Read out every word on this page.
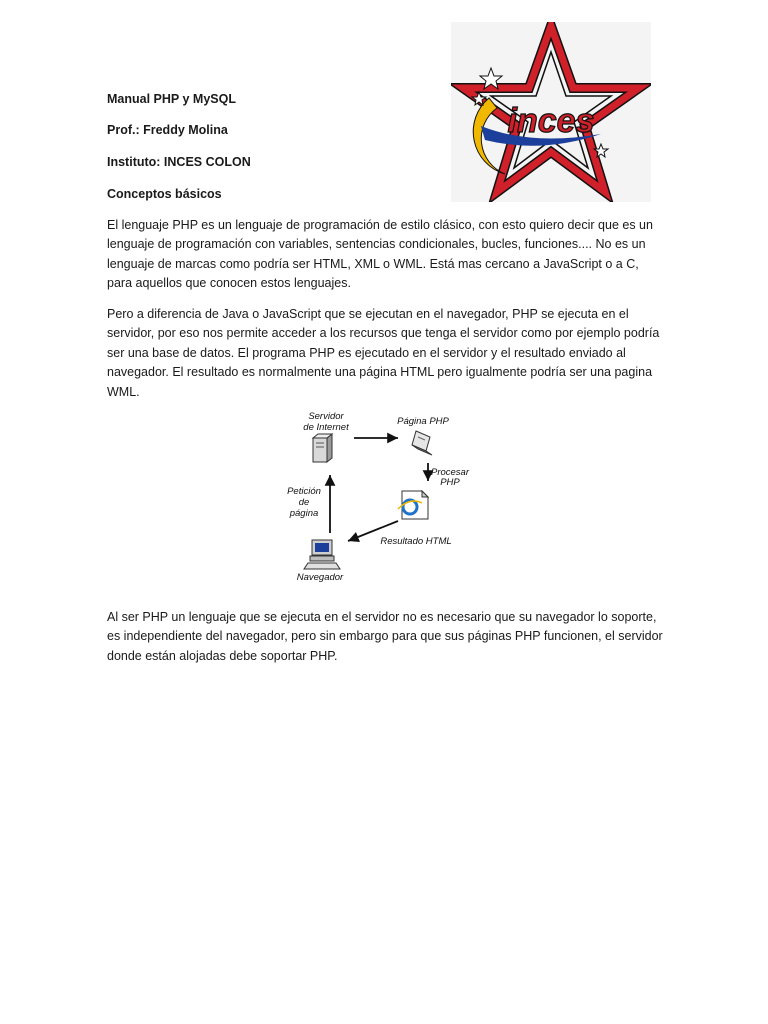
Manual PHP y MySQL
Prof.: Freddy Molina
Instituto: INCES COLON
Conceptos básicos
inces

El lenguaje PHP es un lenguaje de programación de estilo clásico, con esto quiero decir que es un lenguaje de programación con variables, sentencias condicionales, bucles, funciones.... No es un lenguaje de marcas como podría ser HTML, XML o WML. Está mas cercano a JavaScript o a C, para aquellos que conocen estos lenguajes.

Pero a diferencia de Java o JavaScript que se ejecutan en el navegador, PHP se ejecuta en el servidor, por eso nos permite acceder a los recursos que tenga el servidor como por ejemplo podría ser una base de datos. El programa PHP es ejecutado en el servidor y el resultado enviado al navegador. El resultado es normalmente una página HTML pero igualmente podría ser una pagina WML.

Servidor
de Internet
Página PHP
Procesar
PHP
Petición
de
página
Resultado HTML
Navegador

Al ser PHP un lenguaje que se ejecuta en el servidor no es necesario que su navegador lo soporte, es independiente del navegador, pero sin embargo para que sus páginas PHP funcionen, el servidor donde están alojadas debe soportar PHP.
